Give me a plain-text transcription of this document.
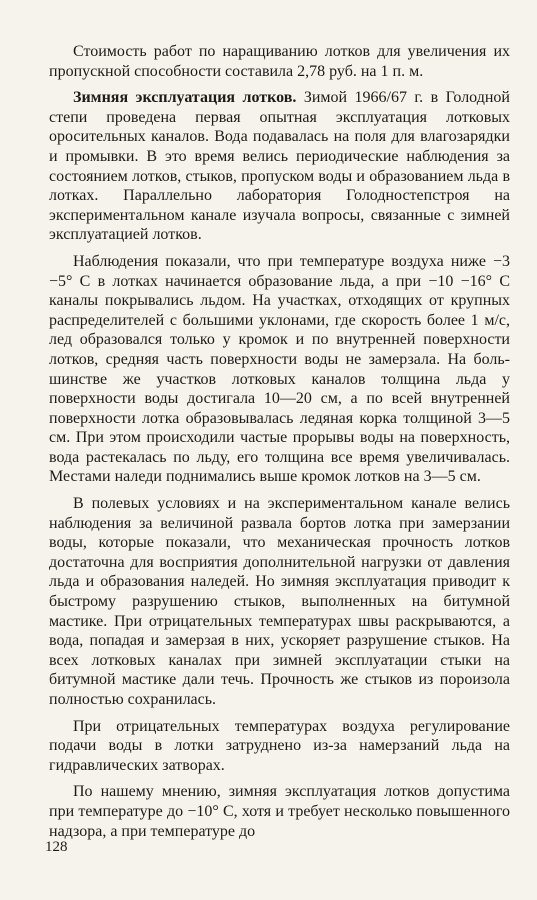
Стоимость работ по наращиванию лотков для увеличения их пропускной способности составила 2,78 руб. на 1 п. м.

Зимняя эксплуатация лотков. Зимой 1966/67 г. в Голодной степи проведена первая опытная эксплуатация лотковых оросительных каналов. Вода подавалась на поля для влагозарядки и промывки. В это время велись периодические наблюдения за состоянием лотков, стыков, пропуском воды и образованием льда в лотках. Параллельно лаборатория Голодностепстроя на экспериментальном канале изучала вопросы, связанные с зимней эксплуатацией лотков.

Наблюдения показали, что при температуре воздуха ниже −3 −5° С в лотках начинается образование льда, а при −10 −16° С каналы покрывались льдом. На участках, отходящих от крупных распределителей с большими уклонами, где скорость более 1 м/с, лед образовался только у кромок и по внутренней поверхности лотков, средняя часть поверхности воды не замерзала. На большинстве же участков лотковых каналов толщина льда у поверхности воды достигала 10—20 см, а по всей внутренней поверхности лотка образовывалась ледяная корка толщиной 3—5 см. При этом происходили частые прорывы воды на поверхность, вода растекалась по льду, его толщина все время увеличивалась. Местами наледи поднимались выше кромок лотков на 3—5 см.

В полевых условиях и на экспериментальном канале велись наблюдения за величиной развала бортов лотка при замерзании воды, которые показали, что механическая прочность лотков достаточна для восприятия дополнительной нагрузки от давления льда и образования наледей. Но зимняя эксплуатация приводит к быстрому разрушению стыков, выполненных на битумной мастике. При отрицательных температурах швы раскрываются, а вода, попадая и замерзая в них, ускоряет разрушение стыков. На всех лотковых каналах при зимней эксплуатации стыки на битумной мастике дали течь. Прочность же стыков из пороизола полностью сохранилась.

При отрицательных температурах воздуха регулирование подачи воды в лотки затруднено из-за намерзаний льда на гидравлических затворах.

По нашему мнению, зимняя эксплуатация лотков допустима при температуре до −10° С, хотя и требует несколько повышенного надзора, а при температуре до

128
